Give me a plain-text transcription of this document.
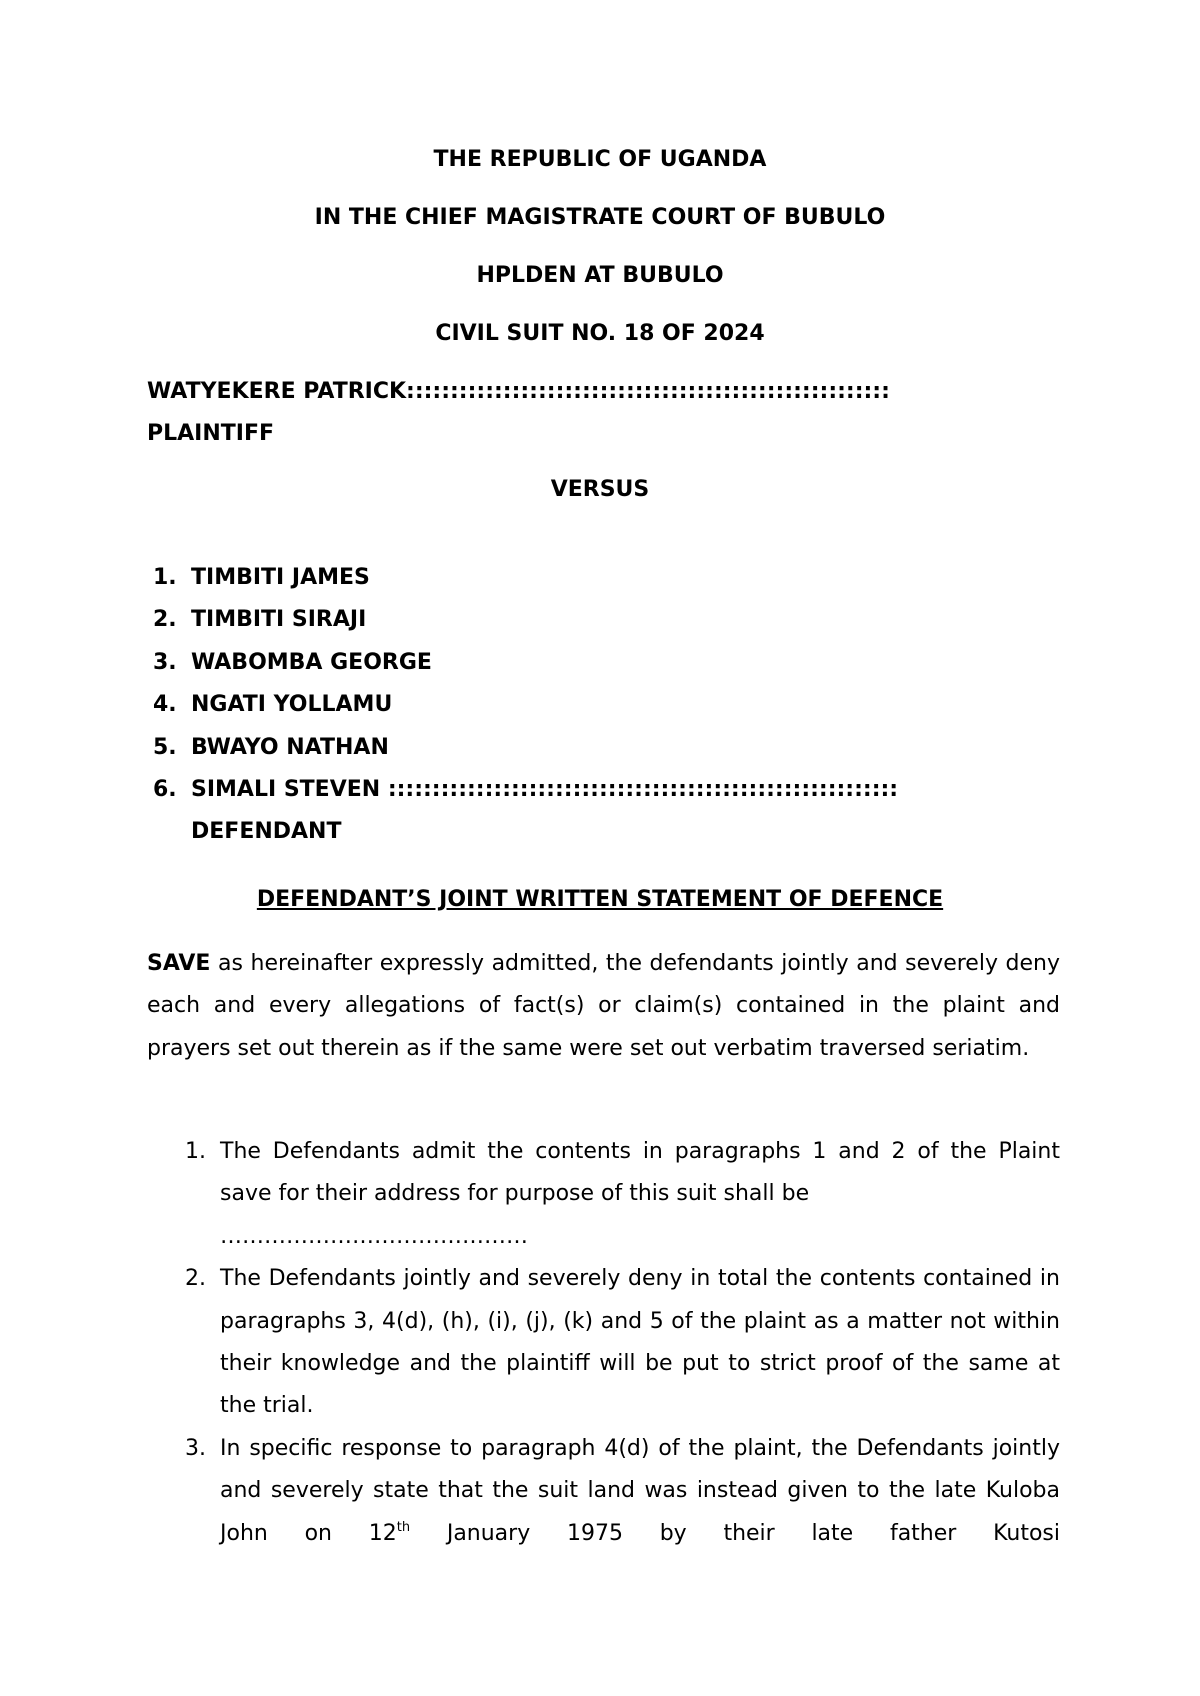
THE REPUBLIC OF UGANDA
IN THE CHIEF MAGISTRATE COURT OF BUBULO
HPLDEN AT BUBULO
CIVIL SUIT NO. 18 OF 2024
WATYEKERE PATRICK:::::::::::::::::::::::::::::::::::::::::::::::::::::::
PLAINTIFF
VERSUS
1. TIMBITI JAMES
2. TIMBITI SIRAJI
3. WABOMBA GEORGE
4. NGATI YOLLAMU
5. BWAYO NATHAN
6. SIMALI STEVEN ::::::::::::::::::::::::::::::::::::::::::::::::::::::::::
DEFENDANT
DEFENDANT’S JOINT WRITTEN STATEMENT OF DEFENCE

SAVE as hereinafter expressly admitted, the defendants jointly and severely deny each and every allegations of fact(s) or claim(s) contained in the plaint and prayers set out therein as if the same were set out verbatim traversed seriatim.

1. The Defendants admit the contents in paragraphs 1 and 2 of the Plaint save for their address for purpose of this suit shall be
……………………………………
2. The Defendants jointly and severely deny in total the contents contained in paragraphs 3, 4(d), (h), (i), (j), (k) and 5 of the plaint as a matter not within their knowledge and the plaintiff will be put to strict proof of the same at the trial.
3. In specific response to paragraph 4(d) of the plaint, the Defendants jointly and severely state that the suit land was instead given to the late Kuloba John on 12th January 1975 by their late father Kutosi
